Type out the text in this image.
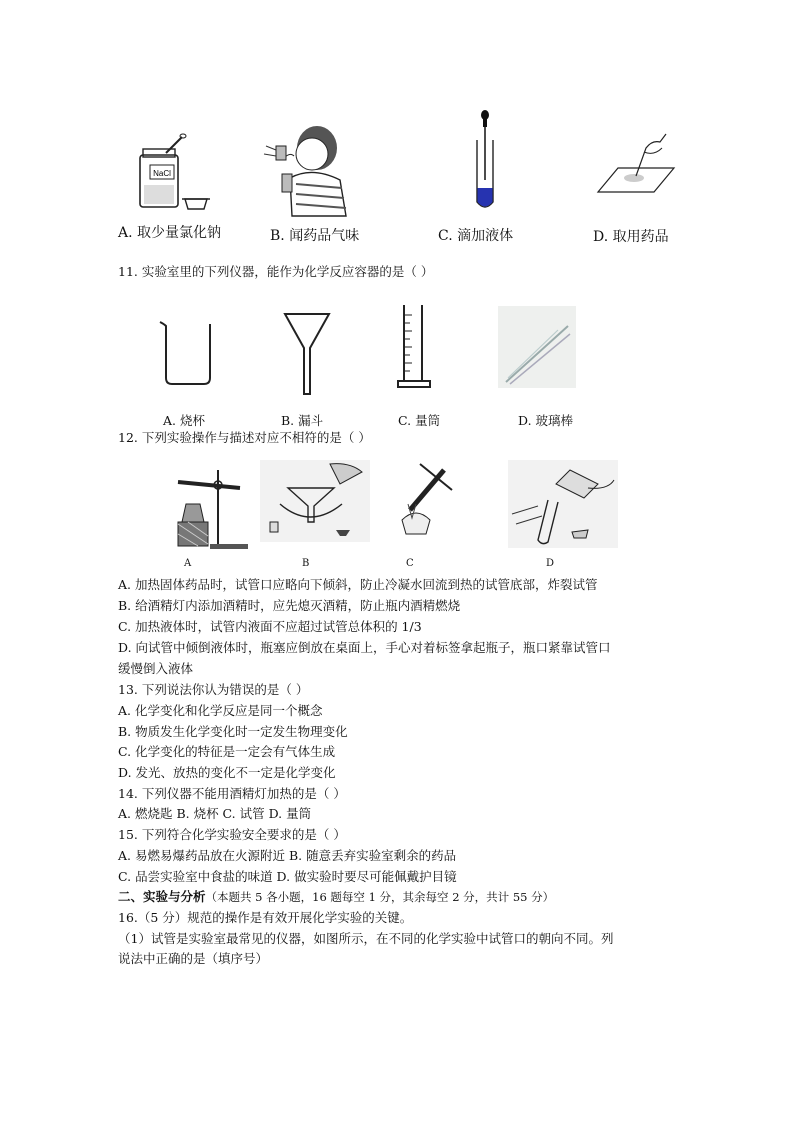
NaCl
A. 取少量氯化钠	B. 闻药品气味	C. 滴加液体	D. 取用药品
11. 实验室里的下列仪器，能作为化学反应容器的是（ ）
A. 烧杯	B. 漏斗	C. 量筒	D. 玻璃棒
12. 下列实验操作与描述对应不相符的是（ ）
A	B	C	D
A. 加热固体药品时，试管口应略向下倾斜，防止冷凝水回流到热的试管底部，炸裂试管
B. 给酒精灯内添加酒精时，应先熄灭酒精，防止瓶内酒精燃烧
C. 加热液体时，试管内液面不应超过试管总体积的 1/3
D. 向试管中倾倒液体时，瓶塞应倒放在桌面上，手心对着标签拿起瓶子，瓶口紧靠试管口
缓慢倒入液体
13. 下列说法你认为错误的是（ ）
A. 化学变化和化学反应是同一个概念
B. 物质发生化学变化时一定发生物理变化
C. 化学变化的特征是一定会有气体生成
D. 发光、放热的变化不一定是化学变化
14. 下列仪器不能用酒精灯加热的是（ ）
A. 燃烧匙 B. 烧杯 C. 试管 D. 量筒
15. 下列符合化学实验安全要求的是（ ）
A. 易燃易爆药品放在火源附近 B. 随意丢弃实验室剩余的药品
C. 品尝实验室中食盐的味道 D. 做实验时要尽可能佩戴护目镜
二、实验与分析（本题共 5 各小题，16 题每空 1 分，其余每空 2 分，共计 55 分）
16.（5 分）规范的操作是有效开展化学实验的关键。
（1）试管是实验室最常见的仪器，如图所示，在不同的化学实验中试管口的朝向不同。列
说法中正确的是（填序号）
